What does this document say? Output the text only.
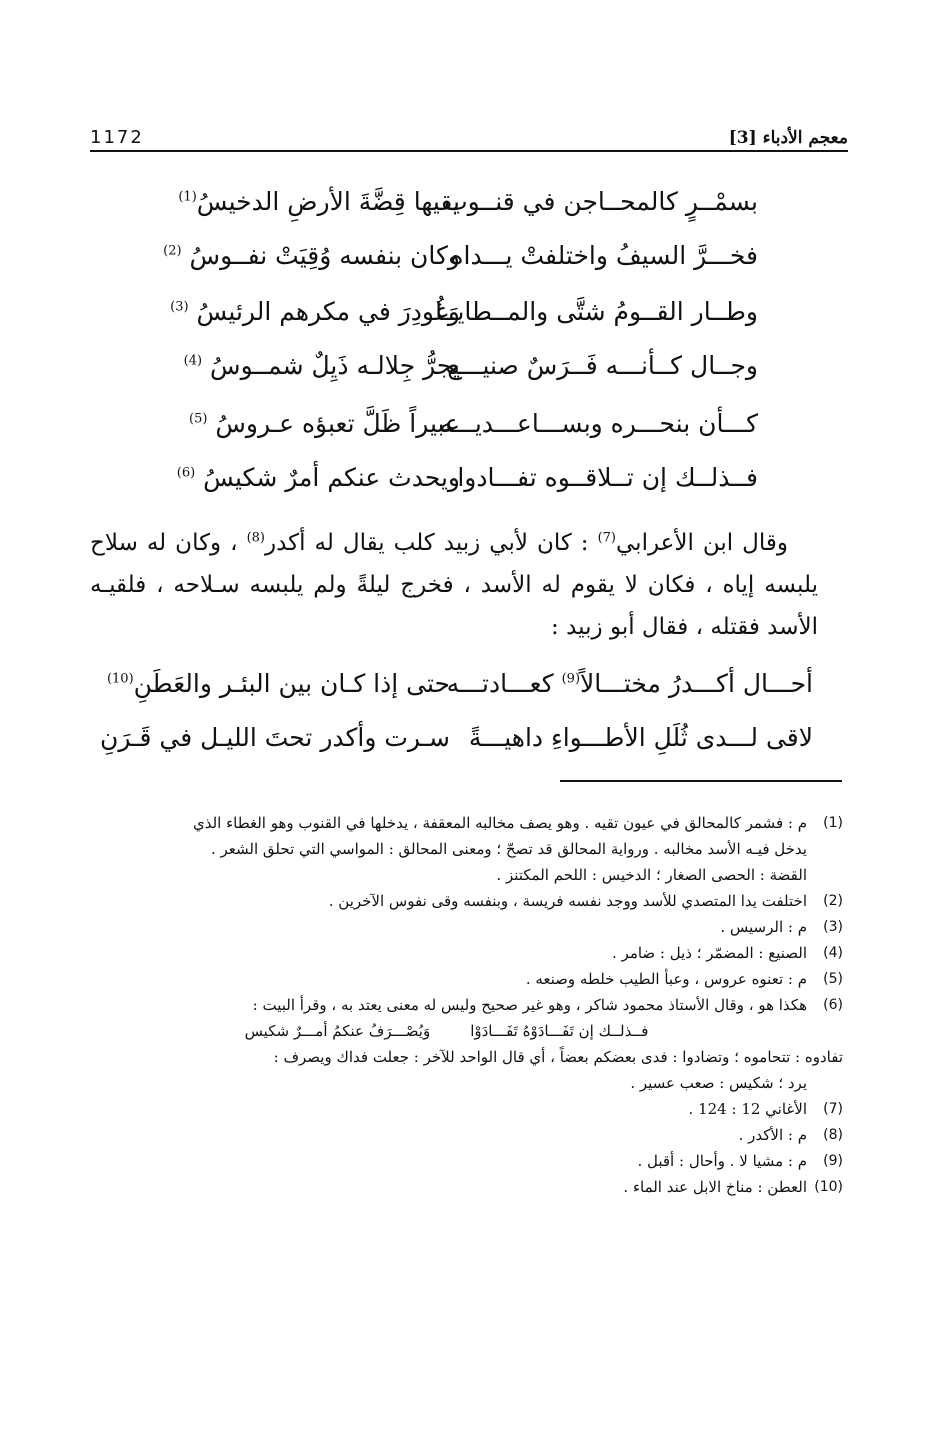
1172	معجم الأدباء [3]
بسمْــرٍ كالمحــاجن في قنــوب
يقيها قِضَّةَ الأرضِ الدخيسُ$^{(1)}$
فخـــرَّ السيفُ واختلفتْ يـــداه
وكان بنفسه وُقِيَتْ نفــوسُ $^{(2)}$
وطــار القــومُ شتَّى والمــطايــا
وَغُودِرَ في مكرهم الرئيسُ $^{(3)}$
وجــال كــأنـــه فَــرَسٌ صنيـــع
يجرُّ جِلالـه ذَيِلٌ شمــوسُ $^{(4)}$
كـــأن بنحـــره وبســـاعـــديـــه
عبيراً ظَلَّ تعبؤه عـروسُ $^{(5)}$
فــذلــك إن تــلاقــوه تفـــادوا
ويحدث عنكم أمرٌ شكيسُ $^{(6)}$

وقال ابن الأعرابي$^{(7)}$ : كان لأبي زبيد كلب يقال له أكدر$^{(8)}$ ، وكان له سلاح يلبسه إياه ، فكان لا يقوم له الأسد ، فخرج ليلةً ولم يلبسه سـلاحه ، فلقيـه الأسد فقتله ، فقال أبو زبيد :

أحـــال أكـــدرُ مختـــالاً$^{(9)}$ كعـــادتـــه
حتى إذا كـان بين البئـر والعَطَنِ$^{(10)}$
لاقى لـــدى ثُلَلِ الأطـــواءِ داهيـــةً
سـرت وأكدر تحتَ الليـل في قَـرَنِ
(1)
م : فشمر كالمحالق في عيون تقيه . وهو يصف مخالبه المعقفة ، يدخلها في القنوب وهو الغطاء الذي
يدخل فيـه الأسد مخالبه . ورواية المحالق قد تصحّ ؛ ومعنى المحالق : المواسي التي تحلق الشعر .
القضة : الحصى الصغار ؛ الدخيس : اللحم المكتنز .
(2)
اختلفت يدا المتصدي للأسد ووجد نفسه فريسة ، وبنفسه وقى نفوس الآخرين .
(3)
م : الرسيس .
(4)
الصنيع : المضمّر ؛ ذيل : ضامر .
(5)
م : تعنوه عروس ، وعبأ الطيب خلطه وصنعه .
(6)
هكذا هو ، وقال الأستاذ محمود شاكر ، وهو غير صحيح وليس له معنى يعتد به ، وقرأ البيت :
فــذلــك إن تَفَـــادَوْهُ تَفَـــادَوْا
وَيُصْـــرَفُ عنكمُ أمـــرٌ شكيس
تفادوه : تتحاموه ؛ وتضادوا : فدى بعضكم بعضاً ، أي قال الواحد للآخر : جعلت فداك ويصرف :
يرد ؛ شكيس : صعب عسير .
(7)
الأغاني 12 : 124 .
(8)
م : الأكدر .
(9)
م : مشيا لا . وأحال : أقبل .
(10)
العطن : مناخ الابل عند الماء .
